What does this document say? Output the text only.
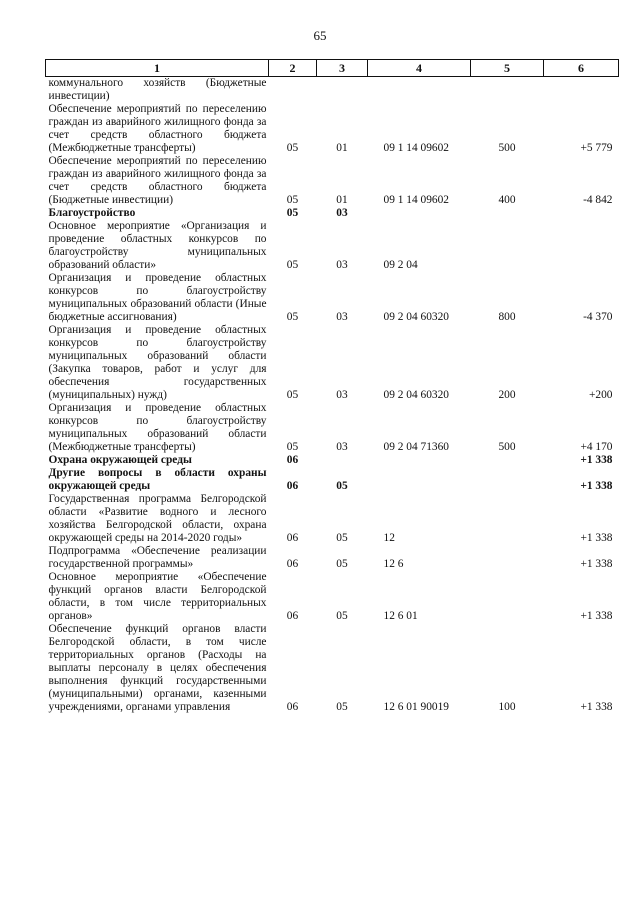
65
1	2	3	4	5	6
коммунального хозяйств (Бюджетные инвестиции)					
Обеспечение мероприятий по переселению граждан из аварийного жилищного фонда за счет средств областного бюджета (Межбюджетные трансферты)	05	01	09 1 14 09602	500	+5 779
Обеспечение мероприятий по переселению граждан из аварийного жилищного фонда за счет средств областного бюджета (Бюджетные инвестиции)	05	01	09 1 14 09602	400	-4 842
Благоустройство	05	03			
Основное мероприятие «Организация и проведение областных конкурсов по благоустройству муниципальных образований области»	05	03	09 2 04		
Организация и проведение областных конкурсов по благоустройству муниципальных образований области (Иные бюджетные ассигнования)	05	03	09 2 04 60320	800	-4 370
Организация и проведение областных конкурсов по благоустройству муниципальных образований области (Закупка товаров, работ и услуг для обеспечения государственных (муниципальных) нужд)	05	03	09 2 04 60320	200	+200
Организация и проведение областных конкурсов по благоустройству муниципальных образований области (Межбюджетные трансферты)	05	03	09 2 04 71360	500	+4 170
Охрана окружающей среды	06				+1 338
Другие вопросы в области охраны окружающей среды	06	05			+1 338
Государственная программа Белгородской области «Развитие водного и лесного хозяйства Белгородской области, охрана окружающей среды на 2014-2020 годы»	06	05	12		+1 338
Подпрограмма «Обеспечение реализации государственной программы»	06	05	12 6		+1 338
Основное мероприятие «Обеспечение функций органов власти Белгородской области, в том числе территориальных органов»	06	05	12 6 01		+1 338
Обеспечение функций органов власти Белгородской области, в том числе территориальных органов (Расходы на выплаты персоналу в целях обеспечения выполнения функций государственными (муниципальными) органами, казенными учреждениями, органами управления	06	05	12 6 01 90019	100	+1 338
